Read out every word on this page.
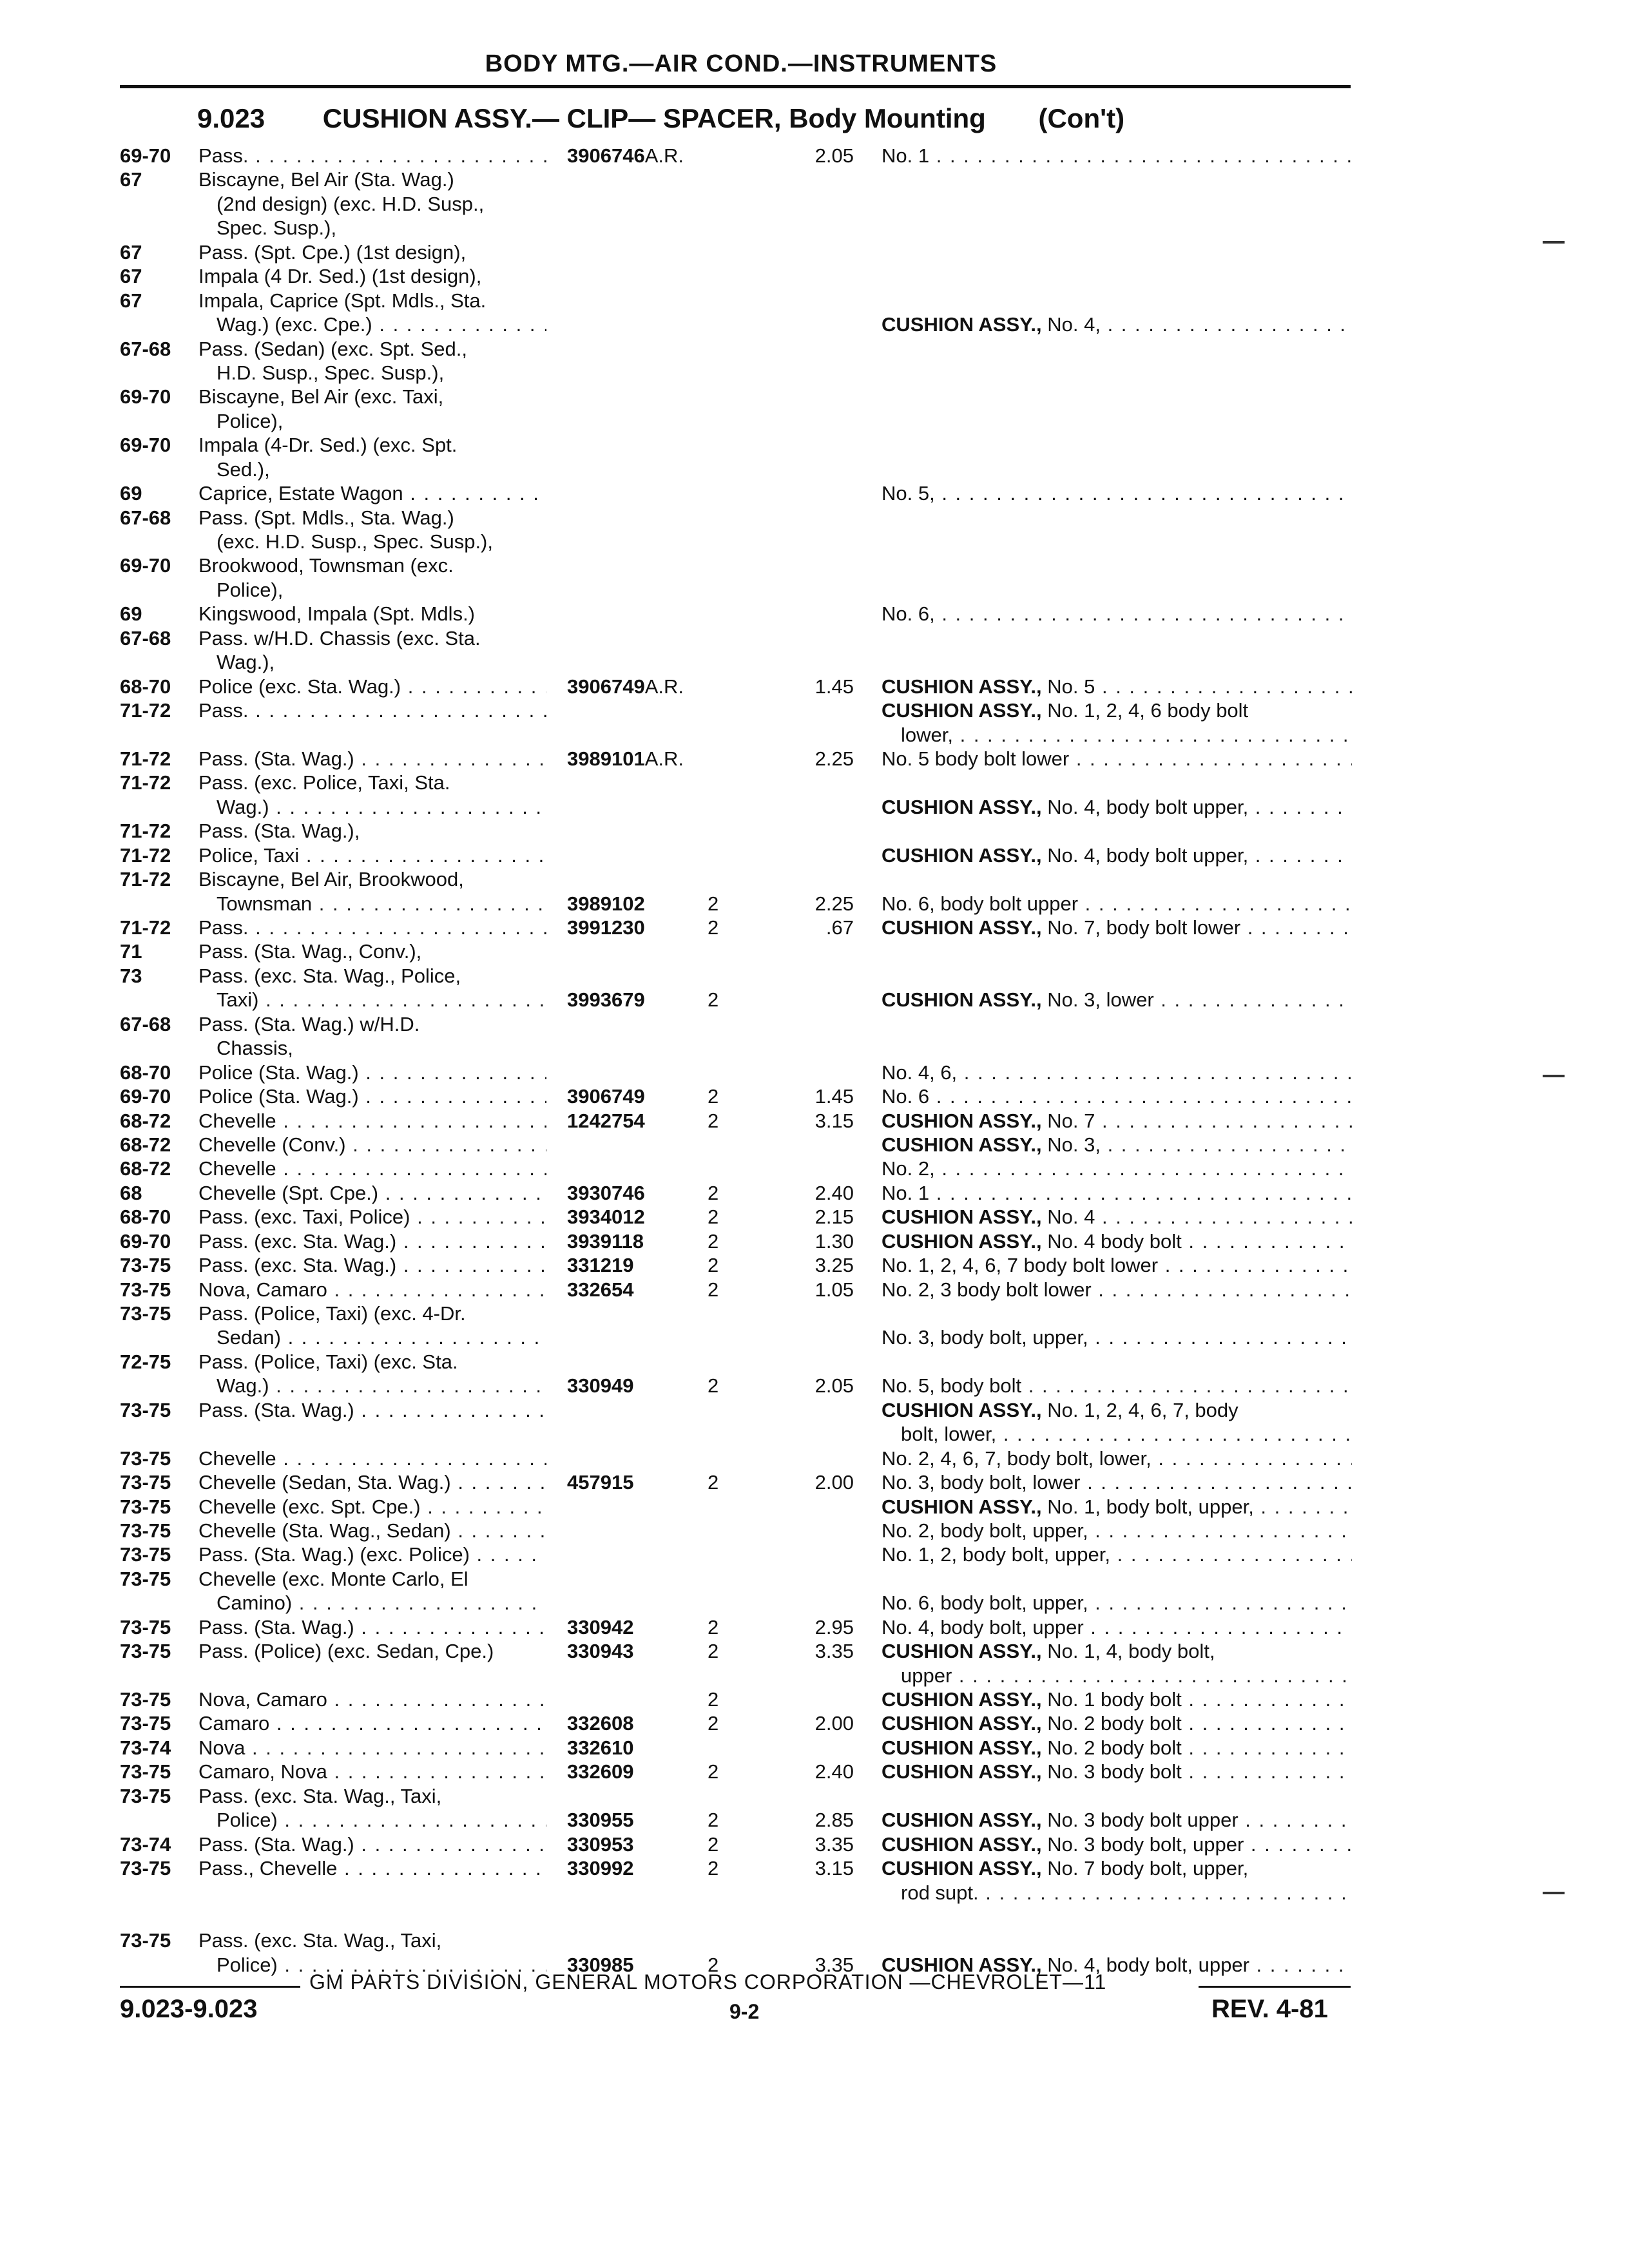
BODY MTG.—AIR COND.—INSTRUMENTS
9.023 CUSHION ASSY.— CLIP— SPACER, Body Mounting (Con't)
69-70	Pass. . . .	3906746A.R.	2.05 No. 1 . . .
67	Biscayne, Bel Air (Sta. Wag.)
(2nd design) (exc. H.D. Susp.,
Spec. Susp.),
67	Pass. (Spt. Cpe.) (1st design),
67	Impala (4 Dr. Sed.) (1st design),
67	Impala, Caprice (Spt. Mdls., Sta.
Wag.) (exc. Cpe.) . . .	CUSHION ASSY., No. 4, . . .
67-68	Pass. (Sedan) (exc. Spt. Sed.,
H.D. Susp., Spec. Susp.),
69-70	Biscayne, Bel Air (exc. Taxi,
Police),
69-70	Impala (4-Dr. Sed.) (exc. Spt.
Sed.),
69	Caprice, Estate Wagon . . .	No. 5, . . .
67-68	Pass. (Spt. Mdls., Sta. Wag.)
(exc. H.D. Susp., Spec. Susp.),
69-70	Brookwood, Townsman (exc.
Police),
69	Kingswood, Impala (Spt. Mdls.)	No. 6, . . .
67-68	Pass. w/H.D. Chassis (exc. Sta.
Wag.),
68-70	Police (exc. Sta. Wag.) . . .	3906749A.R.	1.45 CUSHION ASSY., No. 5 . . .
71-72	Pass. . . .	CUSHION ASSY., No. 1, 2, 4, 6 body bolt
lower, . . .
71-72	Pass. (Sta. Wag.) . . .	3989101A.R.	2.25 No. 5 body bolt lower . . .
71-72	Pass. (exc. Police, Taxi, Sta.
Wag.) . . .	CUSHION ASSY., No. 4, body bolt upper, . . .
71-72	Pass. (Sta. Wag.),
71-72	Police, Taxi . . .	CUSHION ASSY., No. 4, body bolt upper, . . .
71-72	Biscayne, Bel Air, Brookwood,
Townsman . . .	3989102	2	2.25 No. 6, body bolt upper . . .
71-72	Pass. . . .	3991230	2	.67 CUSHION ASSY., No. 7, body bolt lower . . .
71	Pass. (Sta. Wag., Conv.),
73	Pass. (exc. Sta. Wag., Police,
Taxi) . . .	3993679	2	CUSHION ASSY., No. 3, lower . . .
67-68	Pass. (Sta. Wag.) w/H.D.
Chassis,
68-70	Police (Sta. Wag.) . . .	No. 4, 6, . . .
69-70	Police (Sta. Wag.) . . .	3906749	2	1.45 No. 6 . . .
68-72	Chevelle . . .	1242754	2	3.15 CUSHION ASSY., No. 7 . . .
68-72	Chevelle (Conv.) . . .	CUSHION ASSY., No. 3, . . .
68-72	Chevelle . . .	No. 2, . . .
68	Chevelle (Spt. Cpe.) . . .	3930746	2	2.40 No. 1 . . .
68-70	Pass. (exc. Taxi, Police) . . .	3934012	2	2.15 CUSHION ASSY., No. 4 . . .
69-70	Pass. (exc. Sta. Wag.) . . .	3939118	2	1.30 CUSHION ASSY., No. 4 body bolt . . .
73-75	Pass. (exc. Sta. Wag.) . . .	331219	2	3.25 No. 1, 2, 4, 6, 7 body bolt lower . . .
73-75	Nova, Camaro . . .	332654	2	1.05 No. 2, 3 body bolt lower . . .
73-75	Pass. (Police, Taxi) (exc. 4-Dr.
Sedan) . . .	No. 3, body bolt, upper, . . .
72-75	Pass. (Police, Taxi) (exc. Sta.
Wag.) . . .	330949	2	2.05 No. 5, body bolt . . .
73-75	Pass. (Sta. Wag.) . . .	CUSHION ASSY., No. 1, 2, 4, 6, 7, body
bolt, lower, . . .
73-75	Chevelle . . .	No. 2, 4, 6, 7, body bolt, lower, . . .
73-75	Chevelle (Sedan, Sta. Wag.) . . .	457915	2	2.00 No. 3, body bolt, lower . . .
73-75	Chevelle (exc. Spt. Cpe.) . . .	CUSHION ASSY., No. 1, body bolt, upper, . . .
73-75	Chevelle (Sta. Wag., Sedan) . . .	No. 2, body bolt, upper, . . .
73-75	Pass. (Sta. Wag.) (exc. Police) . . .	No. 1, 2, body bolt, upper, . . .
73-75	Chevelle (exc. Monte Carlo, El
Camino) . . .	No. 6, body bolt, upper, . . .
73-75	Pass. (Sta. Wag.) . . .	330942	2	2.95 No. 4, body bolt, upper . . .
73-75	Pass. (Police) (exc. Sedan, Cpe.)	330943	2	3.35 CUSHION ASSY., No. 1, 4, body bolt,
upper . . .
73-75	Nova, Camaro . . .	2	CUSHION ASSY., No. 1 body bolt . . .
73-75	Camaro . . .	332608	2	2.00 CUSHION ASSY., No. 2 body bolt . . .
73-74	Nova . . .	332610	CUSHION ASSY., No. 2 body bolt . . .
73-75	Camaro, Nova . . .	332609	2	2.40 CUSHION ASSY., No. 3 body bolt . . .
73-75	Pass. (exc. Sta. Wag., Taxi,
Police) . . .	330955	2	2.85 CUSHION ASSY., No. 3 body bolt upper . . .
73-74	Pass. (Sta. Wag.) . . .	330953	2	3.35 CUSHION ASSY., No. 3 body bolt, upper . . .
73-75	Pass., Chevelle . . .	330992	2	3.15 CUSHION ASSY., No. 7 body bolt, upper,
rod supt. . . .
73-75	Pass. (exc. Sta. Wag., Taxi,
Police) . . .	330985	2	3.35 CUSHION ASSY., No. 4, body bolt, upper . . .
GM PARTS DIVISION, GENERAL MOTORS CORPORATION —CHEVROLET—11
9.023-9.023	9-2	REV. 4-81
